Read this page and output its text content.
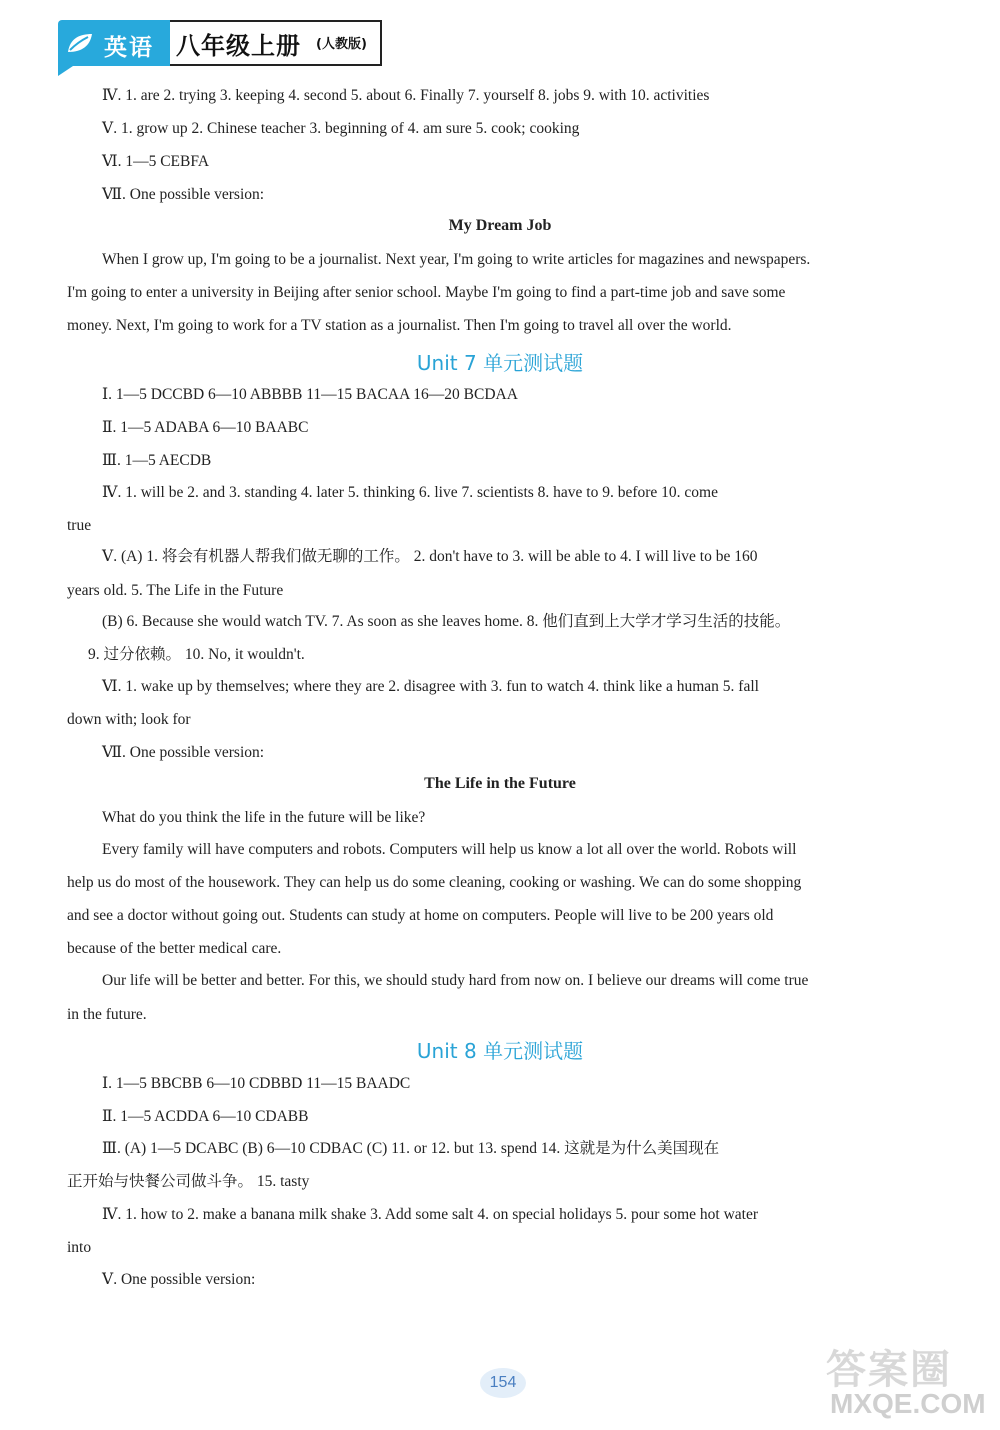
英语 八年级上册 (人教版)
Ⅳ. 1. are 2. trying 3. keeping 4. second 5. about 6. Finally 7. yourself 8. jobs 9. with 10. activities
Ⅴ. 1. grow up 2. Chinese teacher 3. beginning of 4. am sure 5. cook; cooking
Ⅵ. 1—5 CEBFA
Ⅶ. One possible version:
My Dream Job
When I grow up, I'm going to be a journalist. Next year, I'm going to write articles for magazines and newspapers.
I'm going to enter a university in Beijing after senior school. Maybe I'm going to find a part-time job and save some
money. Next, I'm going to work for a TV station as a journalist. Then I'm going to travel all over the world.
Unit 7 单元测试题
Ⅰ. 1—5 DCCBD 6—10 ABBBB 11—15 BACAA 16—20 BCDAA
Ⅱ. 1—5 ADABA 6—10 BAABC
Ⅲ. 1—5 AECDB
Ⅳ. 1. will be 2. and 3. standing 4. later 5. thinking 6. live 7. scientists 8. have to 9. before 10. come
true
Ⅴ. (A) 1. 将会有机器人帮我们做无聊的工作。 2. don't have to 3. will be able to 4. I will live to be 160
years old. 5. The Life in the Future
(B) 6. Because she would watch TV. 7. As soon as she leaves home. 8. 他们直到上大学才学习生活的技能。
9. 过分依赖。 10. No, it wouldn't.
Ⅵ. 1. wake up by themselves; where they are 2. disagree with 3. fun to watch 4. think like a human 5. fall
down with; look for
Ⅶ. One possible version:
The Life in the Future
What do you think the life in the future will be like?
Every family will have computers and robots. Computers will help us know a lot all over the world. Robots will
help us do most of the housework. They can help us do some cleaning, cooking or washing. We can do some shopping
and see a doctor without going out. Students can study at home on computers. People will live to be 200 years old
because of the better medical care.
Our life will be better and better. For this, we should study hard from now on. I believe our dreams will come true
in the future.
Unit 8 单元测试题
Ⅰ. 1—5 BBCBB 6—10 CDBBD 11—15 BAADC
Ⅱ. 1—5 ACDDA 6—10 CDABB
Ⅲ. (A) 1—5 DCABC (B) 6—10 CDBAC (C) 11. or 12. but 13. spend 14. 这就是为什么美国现在
正开始与快餐公司做斗争。 15. tasty
Ⅳ. 1. how to 2. make a banana milk shake 3. Add some salt 4. on special holidays 5. pour some hot water
into
Ⅴ. One possible version:
154	答案圈
MXQE.COM
